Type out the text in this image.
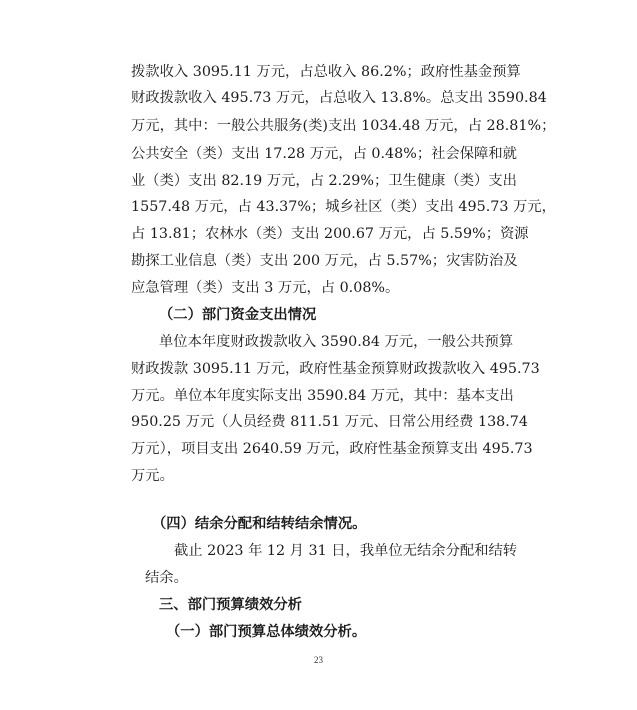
拨款收入 3095.11 万元，占总收入 86.2%；政府性基金预算
财政拨款收入 495.73 万元，占总收入 13.8%。总支出 3590.84
万元，其中：一般公共服务(类)支出 1034.48 万元，占 28.81%；
公共安全（类）支出 17.28 万元，占 0.48%；社会保障和就
业（类）支出 82.19 万元，占 2.29%；卫生健康（类）支出
1557.48 万元，占 43.37%；城乡社区（类）支出 495.73 万元，
占 13.81；农林水（类）支出 200.67 万元，占 5.59%；资源
勘探工业信息（类）支出 200 万元，占 5.57%；灾害防治及
应急管理（类）支出 3 万元，占 0.08%。
（二）部门资金支出情况
单位本年度财政拨款收入 3590.84 万元，一般公共预算
财政拨款 3095.11 万元，政府性基金预算财政拨款收入 495.73
万元。单位本年度实际支出 3590.84 万元，其中：基本支出
950.25 万元（人员经费 811.51 万元、日常公用经费 138.74
万元），项目支出 2640.59 万元，政府性基金预算支出 495.73
万元。
（四）结余分配和结转结余情况。
截止 2023 年 12 月 31 日，我单位无结余分配和结转
结余。
三、部门预算绩效分析
（一）部门预算总体绩效分析。
23
